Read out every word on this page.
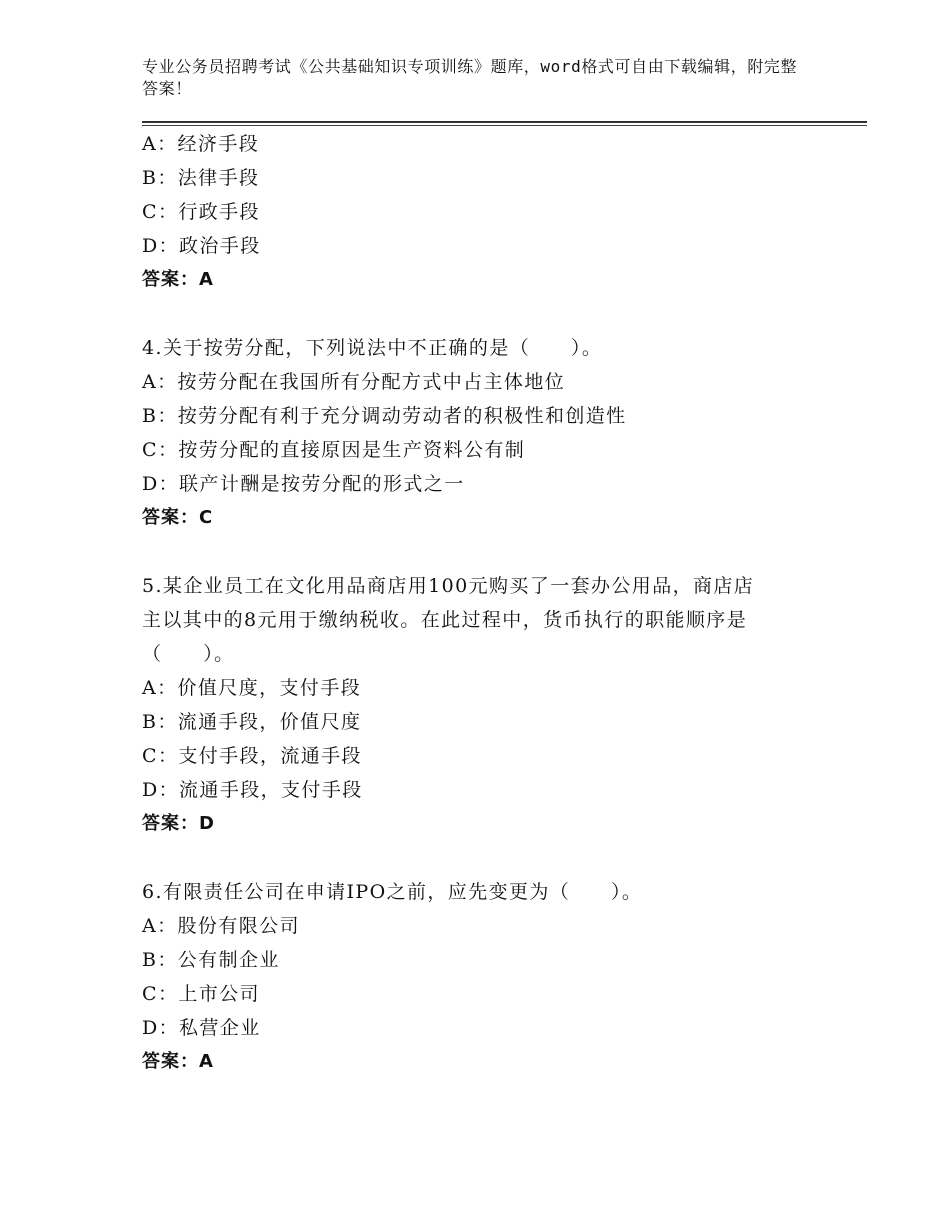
专业公务员招聘考试《公共基础知识专项训练》题库，word格式可自由下载编辑，附完整答案！
A：经济手段
B：法律手段
C：行政手段
D：政治手段
答案：A
4.关于按劳分配，下列说法中不正确的是（　　）。
A：按劳分配在我国所有分配方式中占主体地位
B：按劳分配有利于充分调动劳动者的积极性和创造性
C：按劳分配的直接原因是生产资料公有制
D：联产计酬是按劳分配的形式之一
答案：C
5.某企业员工在文化用品商店用100元购买了一套办公用品，商店店
主以其中的8元用于缴纳税收。在此过程中，货币执行的职能顺序是
（　　）。
A：价值尺度，支付手段
B：流通手段，价值尺度
C：支付手段，流通手段
D：流通手段，支付手段
答案：D
6.有限责任公司在申请IPO之前，应先变更为（　　）。
A：股份有限公司
B：公有制企业
C：上市公司
D：私营企业
答案：A
